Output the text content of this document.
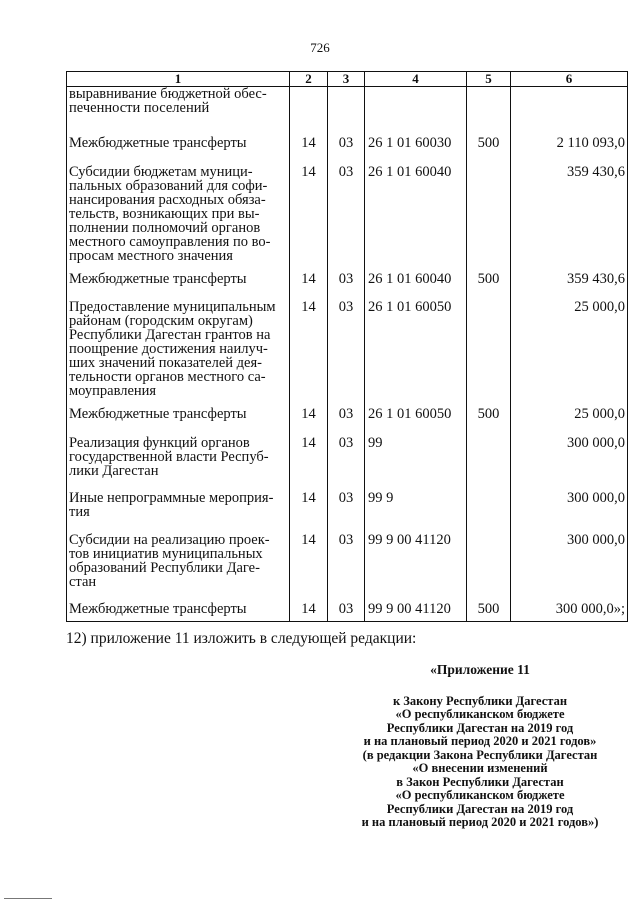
726
1	2	3	4	5	6
выравнивание бюджетной обес-печенности поселений					
Межбюджетные трансферты	14	03	26 1 01 60030	500	2 110 093,0
Субсидии бюджетам муници-пальных образований для софи-нансирования расходных обяза-тельств, возникающих при вы-полнении полномочий органов местного самоуправления по во-просам местного значения	14	03	26 1 01 60040		359 430,6
Межбюджетные трансферты	14	03	26 1 01 60040	500	359 430,6
Предоставление муниципальным районам (городским округам) Республики Дагестан грантов на поощрение достижения наилуч-ших значений показателей дея-тельности органов местного са-моуправления	14	03	26 1 01 60050		25 000,0
Межбюджетные трансферты	14	03	26 1 01 60050	500	25 000,0
Реализация функций органов государственной власти Респуб-лики Дагестан	14	03	99		300 000,0
Иные непрограммные мероприя-тия	14	03	99 9		300 000,0
Субсидии на реализацию проек-тов инициатив муниципальных образований Республики Даге-стан	14	03	99 9 00 41120		300 000,0
Межбюджетные трансферты	14	03	99 9 00 41120	500	300 000,0»;
12) приложение 11 изложить в следующей редакции:
«Приложение 11
к Закону Республики Дагестан
«О республиканском бюджете
Республики Дагестан на 2019 год
и на плановый период 2020 и 2021 годов»
(в редакции Закона Республики Дагестан
«О внесении изменений
в Закон Республики Дагестан
«О республиканском бюджете
Республики Дагестан на 2019 год
и на плановый период 2020 и 2021 годов»)
